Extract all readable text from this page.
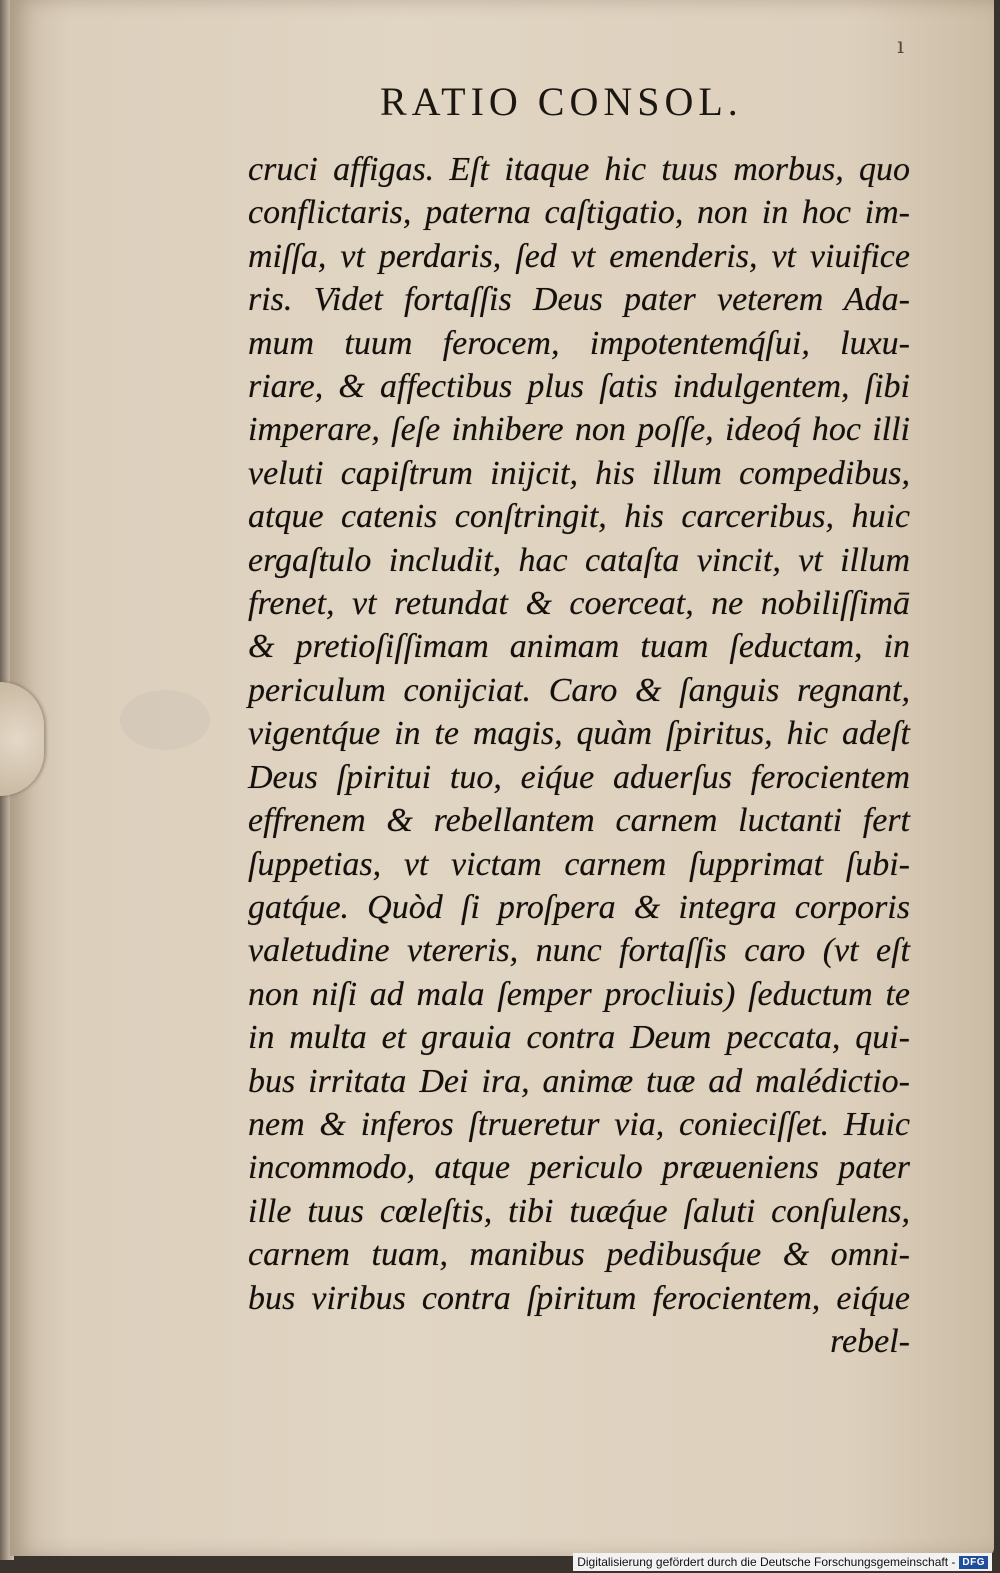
ı
RATIO CONSOL.
cruci affigas. Eſt itaque hic tuus morbus, quo
conflictaris, paterna caſtigatio, non in hoc im-
miſſa, vt perdaris, ſed vt emenderis, vt viuifice
ris. Videt fortaſſis Deus pater veterem Ada-
mum tuum ferocem, impotentemq́ſui, luxu-
riare, & affectibus plus ſatis indulgentem, ſibi
imperare, ſeſe inhibere non poſſe, ideoq́ hoc illi
veluti capiſtrum inijcit, his illum compedibus,
atque catenis conſtringit, his carceribus, huic
ergaſtulo includit, hac cataſta vincit, vt illum
frenet, vt retundat & coerceat, ne nobiliſſimā
& pretioſiſſimam animam tuam ſeductam, in
periculum conijciat. Caro & ſanguis regnant,
vigentq́ue in te magis, quàm ſpiritus, hic adeſt
Deus ſpiritui tuo, eiq́ue aduerſus ferocientem
effrenem & rebellantem carnem luctanti fert
ſuppetias, vt victam carnem ſupprimat ſubi-
gatq́ue. Quòd ſi proſpera & integra corporis
valetudine vtereris, nunc fortaſſis caro (vt eſt
non niſi ad mala ſemper procliuis) ſeductum te
in multa et grauia contra Deum peccata, qui-
bus irritata Dei ira, animæ tuæ ad malédictio-
nem & inferos ſtrueretur via, conieciſſet. Huic
incommodo, atque periculo præueniens pater
ille tuus cœleſtis, tibi tuæq́ue ſaluti conſulens,
carnem tuam, manibus pedibusq́ue & omni-
bus viribus contra ſpiritum ferocientem, eiq́ue
rebel-
Digitalisierung gefördert durch die Deutsche Forschungsgemeinschaft - DFG
